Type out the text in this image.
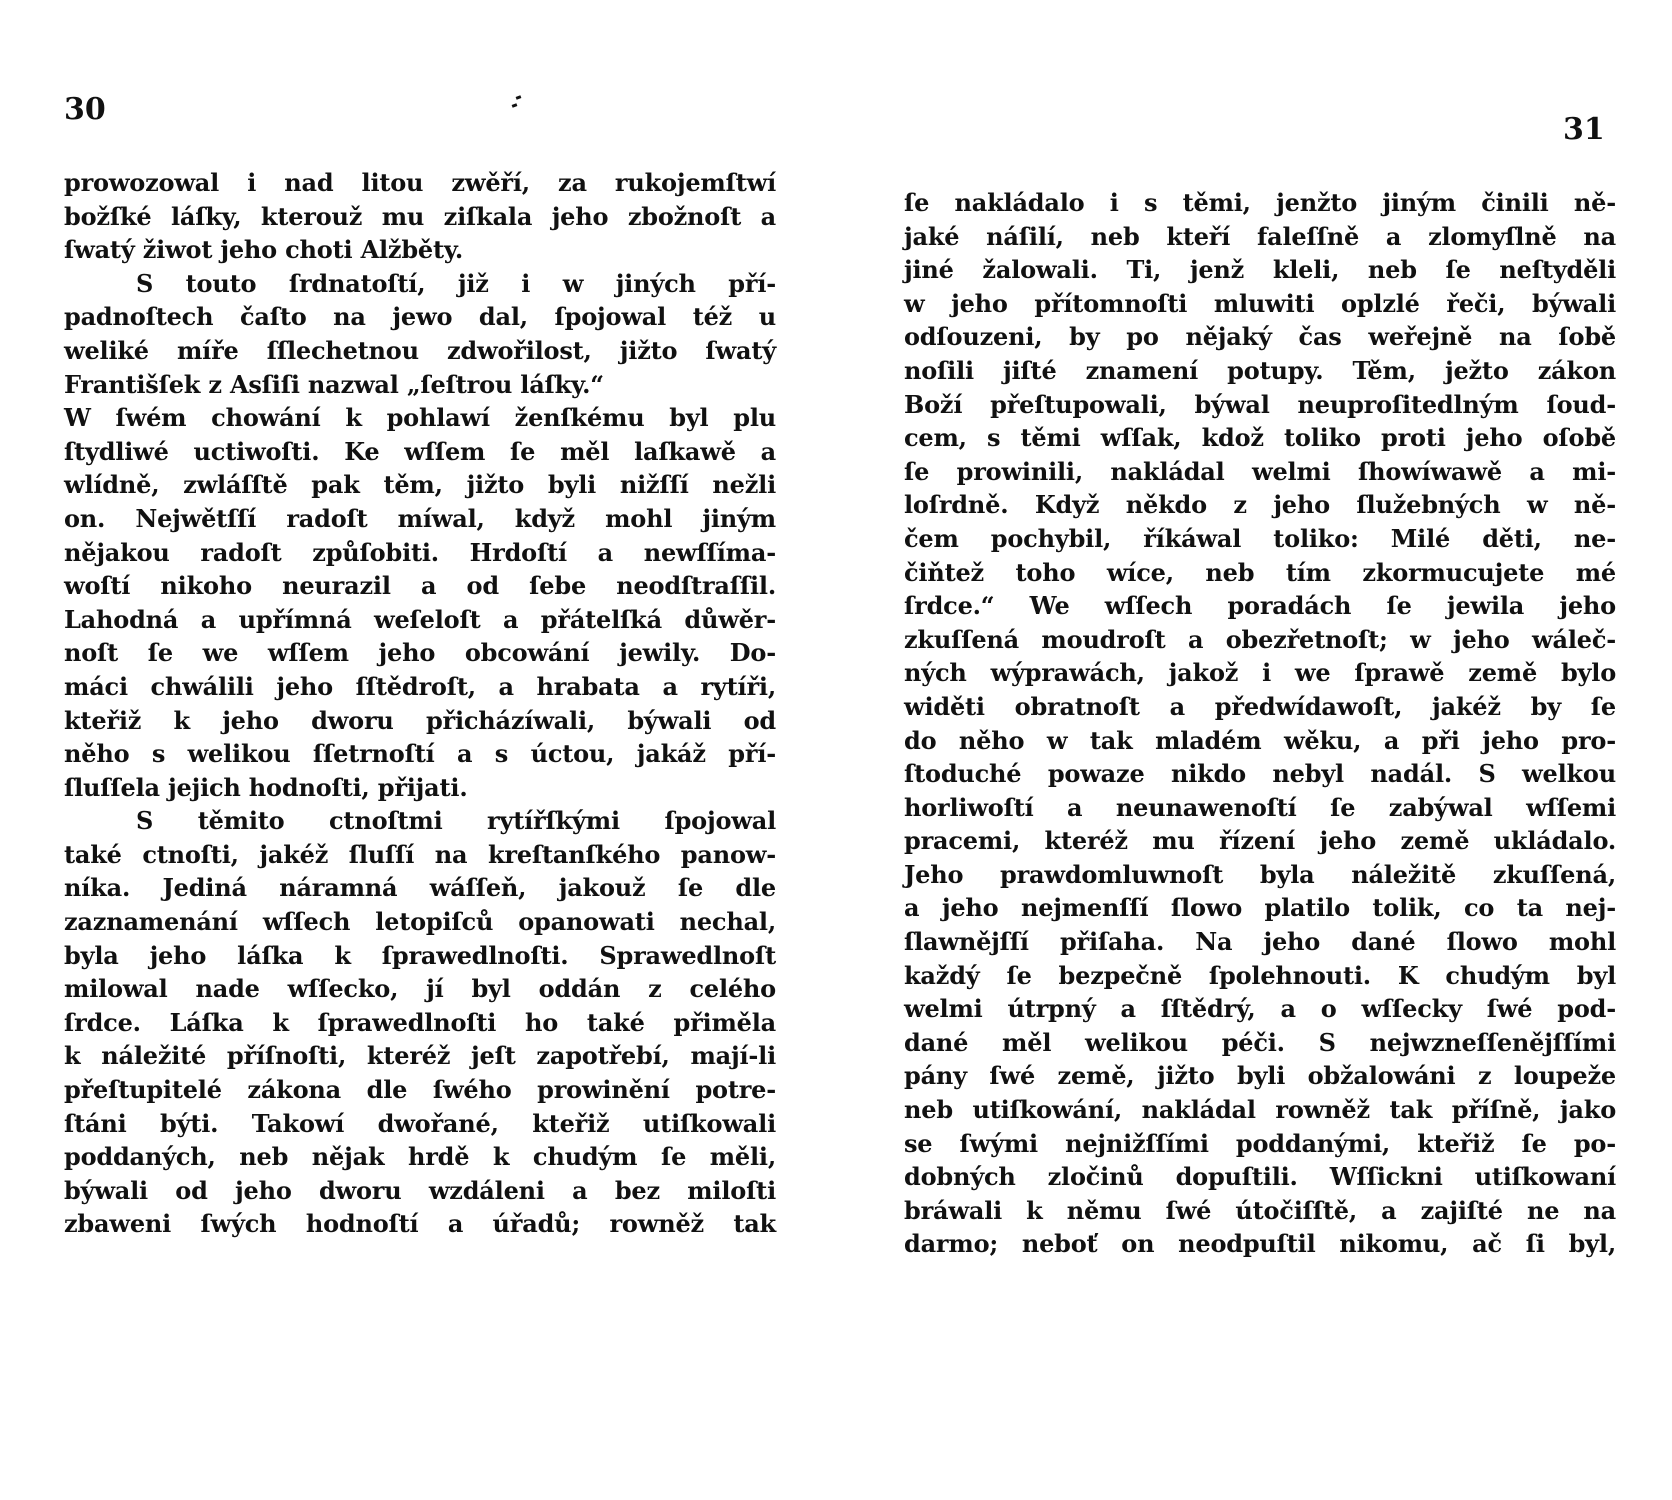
30
prowozowal i nad litou zwěří, za rukojemſtwí
božſké láſky, kterouž mu ziſkala jeho zbožnoſt a
ſwatý žiwot jeho choti Alžběty.
S touto ſrdnatoſtí, již i w jiných pří-
padnoſtech čaſto na jewo dal, ſpojowal též u
weliké míře ſſlechetnou zdwořilost, jižto ſwatý
Františſek z Asſiſi nazwal „ſeſtrou láſky.“
W ſwém chowání k pohlawí ženſkému byl plu
ſtydliwé uctiwoſti. Ke wſſem ſe měl laſkawě a
wlídně, zwláſſtě pak těm, jižto byli nižſſí nežli
on. Nejwětſſí radoſt míwal, když mohl jiným
nějakou radoſt způſobiti. Hrdoſtí a newſſíma-
woſtí nikoho neurazil a od ſebe neodſtraſſil.
Lahodná a upřímná weſeloſt a přátelſká důwěr-
noſt ſe we wſſem jeho obcowání jewily. Do-
máci chwálili jeho ſſtědroſt, a hrabata a rytíři,
kteřiž k jeho dworu přicházíwali, býwali od
něho s welikou ſſetrnoſtí a s úctou, jakáž pří-
ſluſſela jejich hodnoſti, přijati.
S těmito ctnoſtmi rytířſkými ſpojowal
také ctnoſti, jakéž ſluſſí na kreſtanſkého panow-
níka. Jediná náramná wáſſeň, jakouž ſe dle
zaznamenání wſſech letopiſců opanowati nechal,
byla jeho láſka k ſprawedlnoſti. Sprawedlnoſt
milowal nade wſſecko, jí byl oddán z celého
ſrdce. Láſka k ſprawedlnoſti ho také přiměla
k náležité příſnoſti, kteréž jeſt zapotřebí, mají-li
přeſtupitelé zákona dle ſwého prowinění potre-
ſtáni býti. Takowí dwořané, kteřiž utiſkowali
poddaných, neb nějak hrdě k chudým ſe měli,
býwali od jeho dworu wzdáleni a bez miloſti
zbaweni ſwých hodnoſtí a úřadů; rowněž tak
31
ſe nakládalo i s těmi, jenžto jiným činili ně-
jaké náſilí, neb kteří faleſſně a zlomyſlně na
jiné žalowali. Ti, jenž kleli, neb ſe neſtyděli
w jeho přítomnoſti mluwiti oplzlé řeči, býwali
odſouzeni, by po nějaký čas weřejně na ſobě
noſili jiſté znamení potupy. Těm, ježto zákon
Boží přeſtupowali, býwal neuproſitedlným ſoud-
cem, s těmi wſſak, kdož toliko proti jeho oſobě
ſe prowinili, nakládal welmi ſhowíwawě a mi-
loſrdně. Když někdo z jeho ſlužebných w ně-
čem pochybil, říkáwal toliko: Milé děti, ne-
čiňtež toho wíce, neb tím zkormucujete mé
ſrdce.“ We wſſech poradách ſe jewila jeho
zkuſſená moudroſt a obezřetnoſt; w jeho wáleč-
ných wýprawách, jakož i we ſprawě země bylo
widěti obratnoſt a předwídawoſt, jakéž by ſe
do něho w tak mladém wěku, a při jeho pro-
ſtoduché powaze nikdo nebyl nadál. S welkou
horliwoſtí a neunawenoſtí ſe zabýwal wſſemi
pracemi, kteréž mu řízení jeho země ukládalo.
Jeho prawdomluwnoſt byla náležitě zkuſſená,
a jeho nejmenſſí ſlowo platilo tolik, co ta nej-
ſlawnějſſí přiſaha. Na jeho dané ſlowo mohl
každý ſe bezpečně ſpolehnouti. K chudým byl
welmi útrpný a ſſtědrý, a o wſſecky ſwé pod-
dané měl welikou péči. S nejwzneſſenějſſími
pány ſwé země, jižto byli obžalowáni z loupeže
neb utiſkowání, nakládal rowněž tak příſně, jako
se ſwými nejnižſſími poddanými, kteřiž ſe po-
dobných zločinů dopuſtili. Wſſickni utiſkowaní
bráwali k němu ſwé útočiſſtě, a zajiſté ne na
darmo; neboť on neodpuſtil nikomu, ač ſi byl,
